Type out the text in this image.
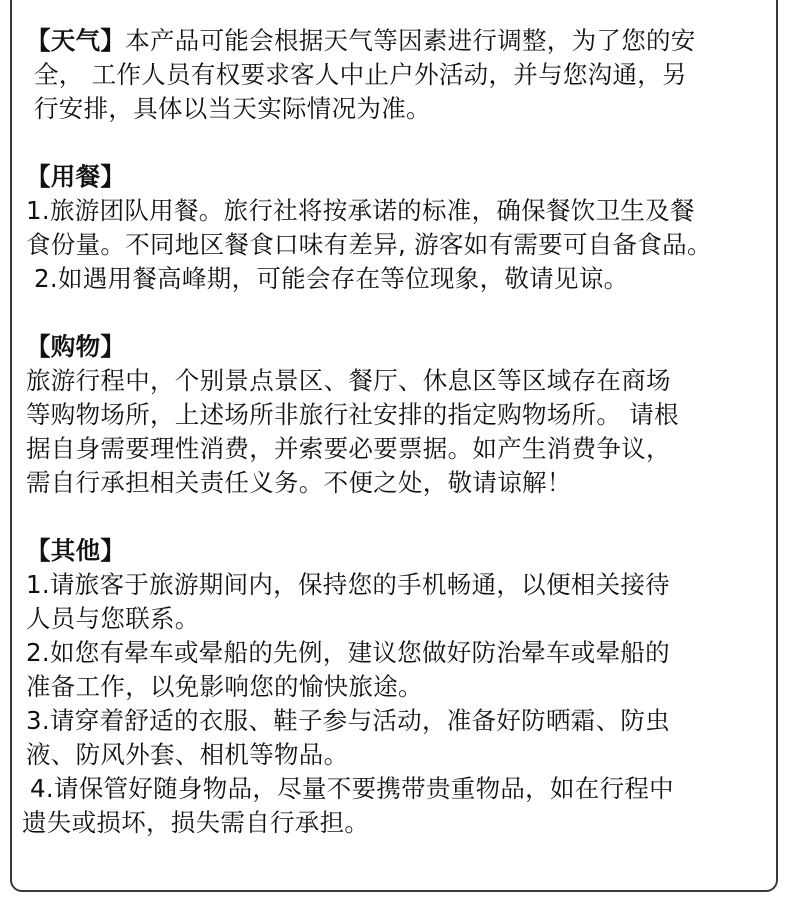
【天气】本产品可能会根据天气等因素进行调整，为了您的安
全， 工作人员有权要求客人中止户外活动，并与您沟通，另
行安排，具体以当天实际情况为准。
【用餐】
1.旅游团队用餐。旅行社将按承诺的标准，确保餐饮卫生及餐
食份量。不同地区餐食口味有差异, 游客如有需要可自备食品。
2.如遇用餐高峰期，可能会存在等位现象，敬请见谅。
【购物】
旅游行程中，个别景点景区、餐厅、休息区等区域存在商场
等购物场所，上述场所非旅行社安排的指定购物场所。 请根
据自身需要理性消费，并索要必要票据。如产生消费争议，
需自行承担相关责任义务。不便之处，敬请谅解！
【其他】
1.请旅客于旅游期间内，保持您的手机畅通，以便相关接待
人员与您联系。
2.如您有晕车或晕船的先例，建议您做好防治晕车或晕船的
准备工作，以免影响您的愉快旅途。
3.请穿着舒适的衣服、鞋子参与活动，准备好防晒霜、防虫
液、防风外套、相机等物品。
4.请保管好随身物品，尽量不要携带贵重物品，如在行程中
遗失或损坏，损失需自行承担。
